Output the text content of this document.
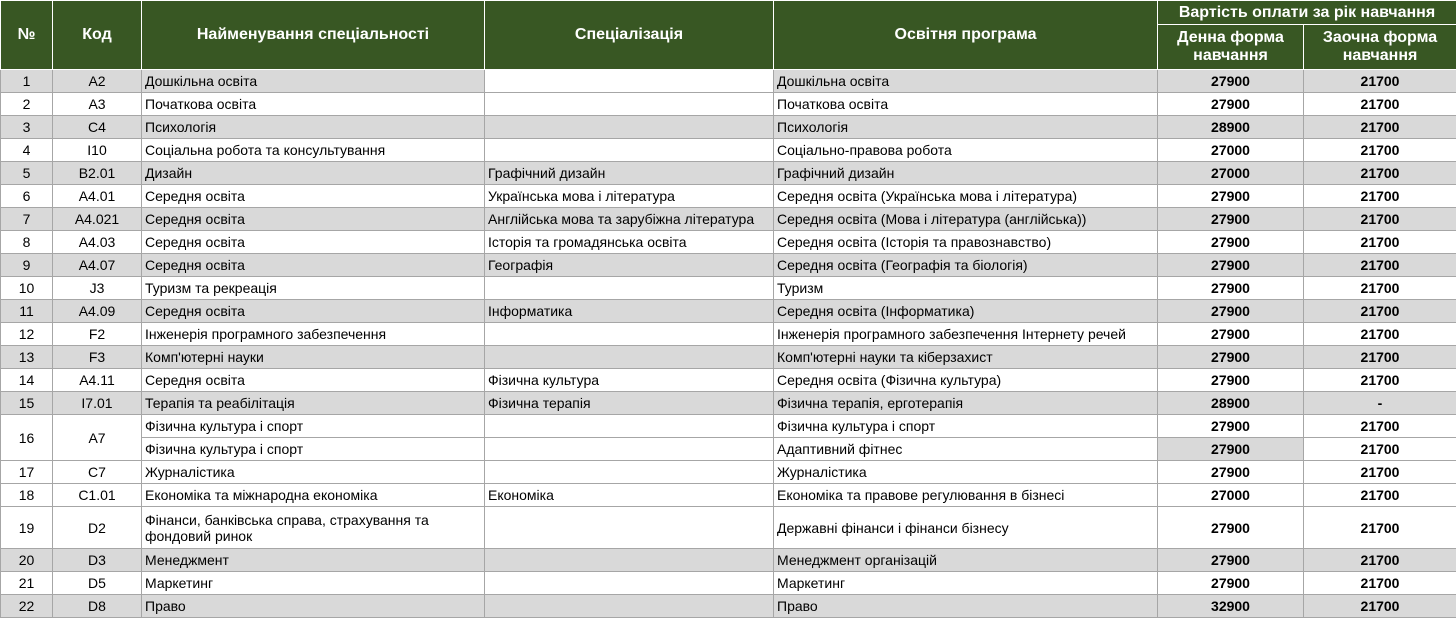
№	Код	Найменування спеціальності	Спеціалізація	Освітня програма	Вартість оплати за рік навчання	
					Денна форма навчання	Заочна форма навчання
1	A2	Дошкільна освіта		Дошкільна освіта	27900	21700
2	A3	Початкова освіта		Початкова освіта	27900	21700
3	C4	Психологія		Психологія	28900	21700
4	I10	Соціальна робота та консультування		Соціально-правова робота	27000	21700
5	B2.01	Дизайн	Графічний дизайн	Графічний дизайн	27000	21700
6	A4.01	Середня освіта	Українська мова і література	Середня освіта (Українська мова і література)	27900	21700
7	A4.021	Середня освіта	Англійська мова та зарубіжна література	Середня освіта (Мова і література (англійська))	27900	21700
8	A4.03	Середня освіта	Історія та громадянська освіта	Середня освіта (Історія та правознавство)	27900	21700
9	A4.07	Середня освіта	Географія	Середня освіта (Географія та біологія)	27900	21700
10	J3	Туризм та рекреація		Туризм	27900	21700
11	A4.09	Середня освіта	Інформатика	Середня освіта (Інформатика)	27900	21700
12	F2	Інженерія програмного забезпечення		Інженерія програмного забезпечення Інтернету речей	27900	21700
13	F3	Комп'ютерні науки		Комп'ютерні науки та кіберзахист	27900	21700
14	A4.11	Середня освіта	Фізична культура	Середня освіта (Фізична культура)	27900	21700
15	I7.01	Терапія та реабілітація	Фізична терапія	Фізична терапія, ерготерапія	28900	-
16	A7	Фізична культура і спорт		Фізична культура і спорт	27900	21700
		Фізична культура і спорт		Адаптивний фітнес	27900	21700
17	C7	Журналістика		Журналістика	27900	21700
18	C1.01	Економіка та міжнародна економіка	Економіка	Економіка та правове регулювання в бізнесі	27000	21700
19	D2	Фінанси, банківська справа, страхування та фондовий ринок		Державні фінанси і фінанси бізнесу	27900	21700
20	D3	Менеджмент		Менеджмент організацій	27900	21700
21	D5	Маркетинг		Маркетинг	27900	21700
22	D8	Право		Право	32900	21700
